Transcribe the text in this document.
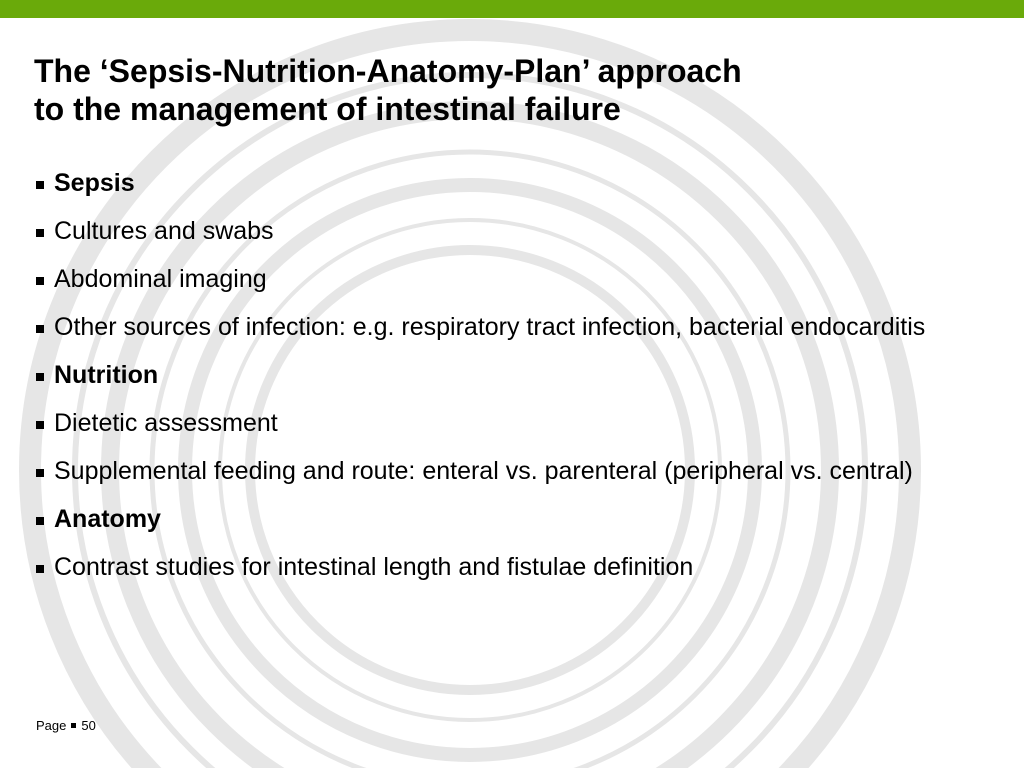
The ‘Sepsis-Nutrition-Anatomy-Plan’ approach
to the management of intestinal failure
Sepsis
Cultures and swabs
Abdominal imaging
Other sources of infection: e.g. respiratory tract infection, bacterial endocarditis
Nutrition
Dietetic assessment
Supplemental feeding and route: enteral vs. parenteral (peripheral vs. central)
Anatomy
Contrast studies for intestinal length and fistulae definition
Page 50
